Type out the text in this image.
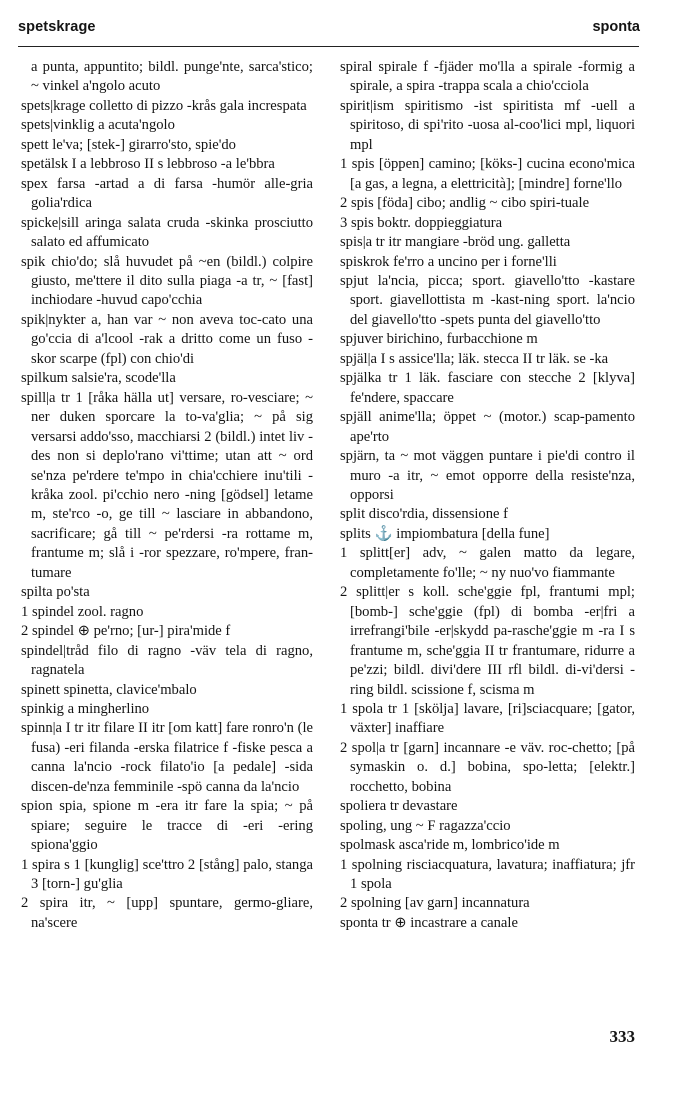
spetskrage	sponta

a punta, appuntito; bildl. punge'nte, sarca'stico; ~ vinkel a'ngolo acuto

spets|krage colletto di pizzo -krås gala increspata

spets|vinklig a acuta'ngolo

spett le'va; [stek-] girarro'sto, spie'do

spetälsk I a lebbroso II s lebbroso -a le'bbra

spex farsa -artad a di farsa -humör alle-gria golia'rdica

spicke|sill aringa salata cruda -skinka prosciutto salato ed affumicato

spik chio'do; slå huvudet på ~en (bildl.) colpire giusto, me'ttere il dito sulla piaga -a tr, ~ [fast] inchiodare -huvud capo'cchia

spik|nykter a, han var ~ non aveva toc-cato una go'ccia di a'lcool -rak a dritto come un fuso -skor scarpe (fpl) con chio'di

spilkum salsie'ra, scode'lla

spill|a tr 1 [råka hälla ut] versare, ro-vesciare; ~ ner duken sporcare la to-va'glia; ~ på sig versarsi addo'sso, macchiarsi 2 (bildl.) intet liv -des non si deplo'rano vi'ttime; utan att ~ ord se'nza pe'rdere te'mpo in chia'cchiere inu'tili -kråka zool. pi'cchio nero -ning [gödsel] letame m, ste'rco -o, ge till ~ lasciare in abbandono, sacrificare; gå till ~ pe'rdersi -ra rottame m, frantume m; slå i -ror spezzare, ro'mpere, fran-tumare

spilta po'sta

1 spindel zool. ragno

2 spindel ⊕ pe'rno; [ur-] pira'mide f

spindel|tråd filo di ragno -väv tela di ragno, ragnatela

spinett spinetta, clavice'mbalo

spinkig a mingherlino

spinn|a I tr itr filare II itr [om katt] fare ronro'n (le fusa) -eri filanda -erska filatrice f -fiske pesca a canna la'ncio -rock filato'io [a pedale] -sida discen-de'nza femminile -spö canna da la'ncio

spion spia, spione m -era itr fare la spia; ~ på spiare; seguire le tracce di -eri -ering spiona'ggio

1 spira s 1 [kunglig] sce'ttro 2 [stång] palo, stanga 3 [torn-] gu'glia

2 spira itr, ~ [upp] spuntare, germo-gliare, na'scere

spiral spirale f -fjäder mo'lla a spirale -formig a spirale, a spira -trappa scala a chio'cciola

spirit|ism spiritismo -ist spiritista mf -uell a spiritoso, di spi'rito -uosa al-coo'lici mpl, liquori mpl

1 spis [öppen] camino; [köks-] cucina econo'mica [a gas, a legna, a elettricità]; [mindre] forne'llo

2 spis [föda] cibo; andlig ~ cibo spiri-tuale

3 spis boktr. doppieggiatura

spis|a tr itr mangiare -bröd ung. galletta

spiskrok fe'rro a uncino per i forne'lli

spjut la'ncia, picca; sport. giavello'tto -kastare sport. giavellottista m -kast-ning sport. la'ncio del giavello'tto -spets punta del giavello'tto

spjuver birichino, furbacchione m

spjäl|a I s assice'lla; läk. stecca II tr läk. se -ka

spjälka tr 1 läk. fasciare con stecche 2 [klyva] fe'ndere, spaccare

spjäll anime'lla; öppet ~ (motor.) scap-pamento ape'rto

spjärn, ta ~ mot väggen puntare i pie'di contro il muro -a itr, ~ emot opporre della resiste'nza, opporsi

split disco'rdia, dissensione f

splits ⚓ impiombatura [della fune]

1 splitt[er] adv, ~ galen matto da legare, completamente fo'lle; ~ ny nuo'vo fiammante

2 splitt|er s koll. sche'ggie fpl, frantumi mpl; [bomb-] sche'ggie (fpl) di bomba -er|fri a irrefrangi'bile -er|skydd pa-rasche'ggie m -ra I s frantume m, sche'ggia II tr frantumare, ridurre a pe'zzi; bildl. divi'dere III rfl bildl. di-vi'dersi -ring bildl. scissione f, scisma m

1 spola tr 1 [skölja] lavare, [ri]sciacquare; [gator, växter] inaffiare

2 spol|a tr [garn] incannare -e väv. roc-chetto; [på symaskin o. d.] bobina, spo-letta; [elektr.] rocchetto, bobina

spoliera tr devastare

spoling, ung ~ F ragazza'ccio

spolmask asca'ride m, lombrico'ide m

1 spolning risciacquatura, lavatura; inaffiatura; jfr 1 spola

2 spolning [av garn] incannatura

sponta tr ⊕ incastrare a canale

333
